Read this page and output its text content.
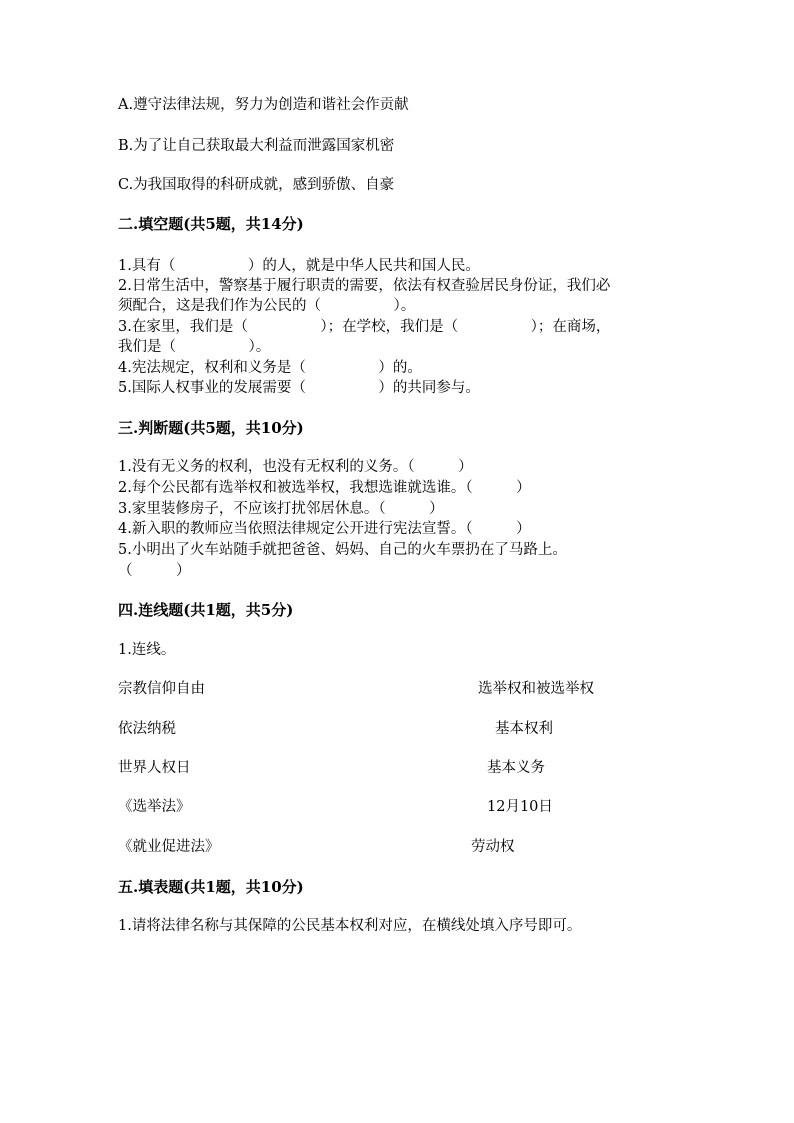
A.遵守法律法规，努力为创造和谐社会作贡献
B.为了让自己获取最大利益而泄露国家机密
C.为我国取得的科研成就，感到骄傲、自豪
二.填空题(共5题，共14分)
1.具有（　　　　　）的人，就是中华人民共和国人民。
2.日常生活中，警察基于履行职责的需要，依法有权查验居民身份证，我们必
须配合，这是我们作为公民的（　　　　　）。
3.在家里，我们是（　　　　　）；在学校，我们是（　　　　　）；在商场，
我们是（　　　　　）。
4.宪法规定，权利和义务是（　　　　　）的。
5.国际人权事业的发展需要（　　　　　）的共同参与。
三.判断题(共5题，共10分)
1.没有无义务的权利，也没有无权利的义务。（　　　）
2.每个公民都有选举权和被选举权，我想选谁就选谁。（　　　）
3.家里装修房子，不应该打扰邻居休息。（　　　）
4.新入职的教师应当依照法律规定公开进行宪法宣誓。（　　　）
5.小明出了火车站随手就把爸爸、妈妈、自己的火车票扔在了马路上。
（　　　）
四.连线题(共1题，共5分)
1.连线。
宗教信仰自由	选举权和被选举权
依法纳税	基本权利
世界人权日	基本义务
《选举法》	12月10日
《就业促进法》	劳动权
五.填表题(共1题，共10分)
1.请将法律名称与其保障的公民基本权利对应，在横线处填入序号即可。
